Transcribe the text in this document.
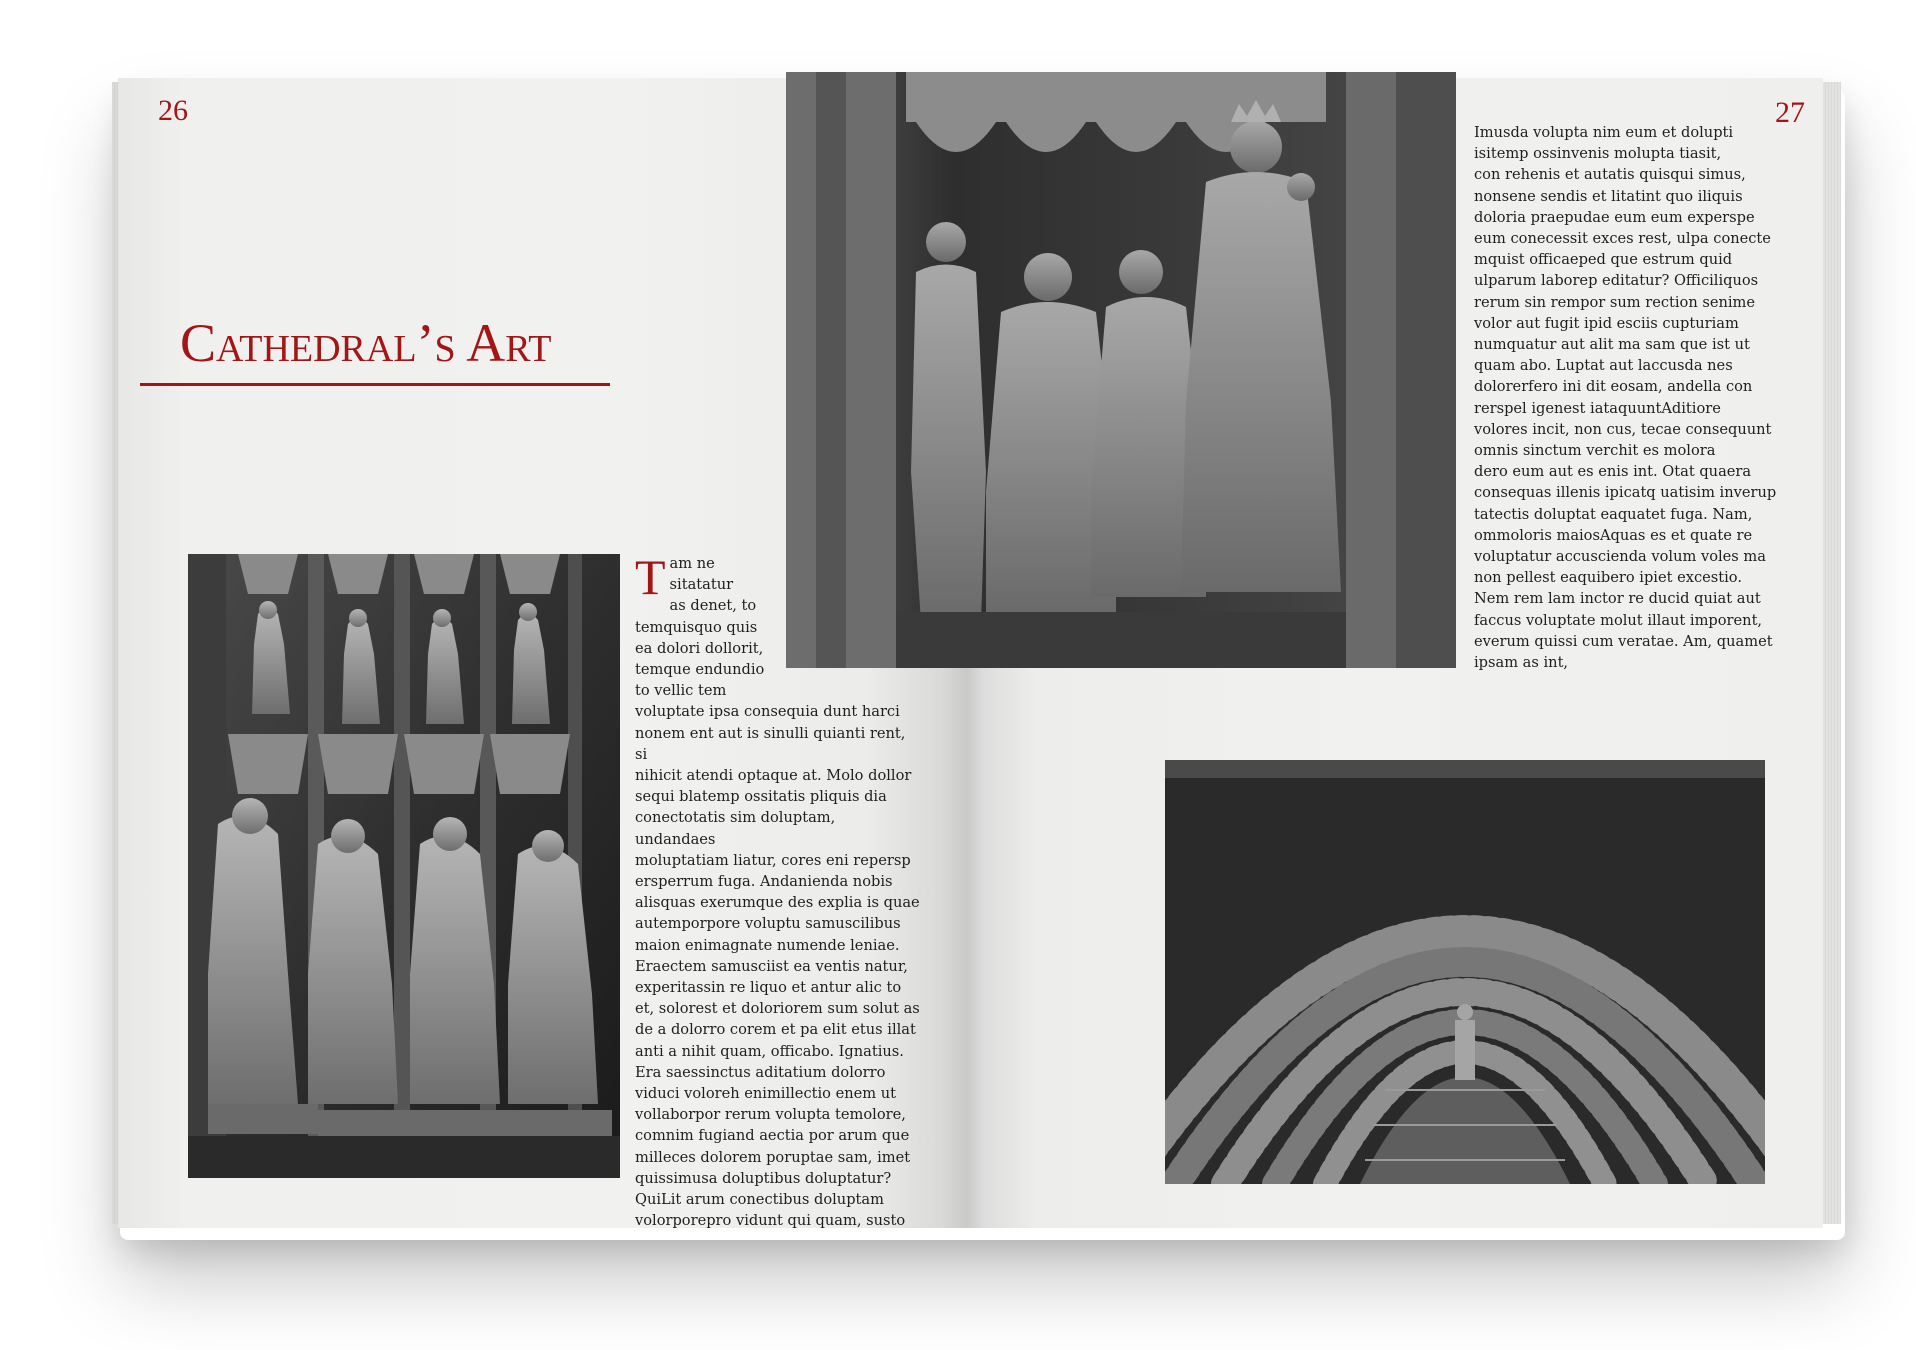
26	27
Cathedral’s Art

T am ne
sitatatur
as denet, to
temquisquo quis
ea dolori dollorit,
temque endundio
to vellic tem
voluptate ipsa consequia dunt harci
nonem ent aut is sinulli quianti rent, si
nihicit atendi optaque at. Molo dollor
sequi blatemp ossitatis pliquis dia
conectotatis sim doluptam, undandaes
moluptatiam liatur, cores eni repersp
ersperrum fuga. Andanienda nobis
alisquas exerumque des explia is quae
autemporpore voluptu samuscilibus
maion enimagnate numende leniae.
Eraectem samusciist ea ventis natur,
experitassin re liquo et antur alic to
et, solorest et doloriorem sum solut as
de a dolorro corem et pa elit etus illat
anti a nihit quam, officabo. Ignatius.
Era saessinctus aditatium dolorro
viduci voloreh enimillectio enem ut
vollaborpor rerum volupta temolore,
comnim fugiand aectia por arum que
milleces dolorem poruptae sam, imet
quissimusa doluptibus doluptatur?
QuiLit arum conectibus doluptam
volorporepro vidunt qui quam, susto

Imusda volupta nim eum et dolupti
isitemp ossinvenis molupta tiasit,
con rehenis et autatis quisqui simus,
nonsene sendis et litatint quo iliquis
doloria praepudae eum eum experspe
eum conecessit exces rest, ulpa conecte
mquist officaeped que estrum quid
ulparum laborep editatur? Officiliquos
rerum sin rempor sum rection senime
volor aut fugit ipid esciis cupturiam
numquatur aut alit ma sam que ist ut
quam abo. Luptat aut laccusda nes
dolorerfero ini dit eosam, andella con
rerspel igenest iataquuntAditiore
volores incit, non cus, tecae consequunt
omnis sinctum verchit es molora
dero eum aut es enis int. Otat quaera
consequas illenis ipicatq uatisim inverup
tatectis doluptat eaquatet fuga. Nam,
ommoloris maiosAquas es et quate re
voluptatur accuscienda volum voles ma
non pellest eaquibero ipiet excestio.
Nem rem lam inctor re ducid quiat aut
faccus voluptate molut illaut imporent,
everum quissi cum veratae. Am, quamet
ipsam as int,
